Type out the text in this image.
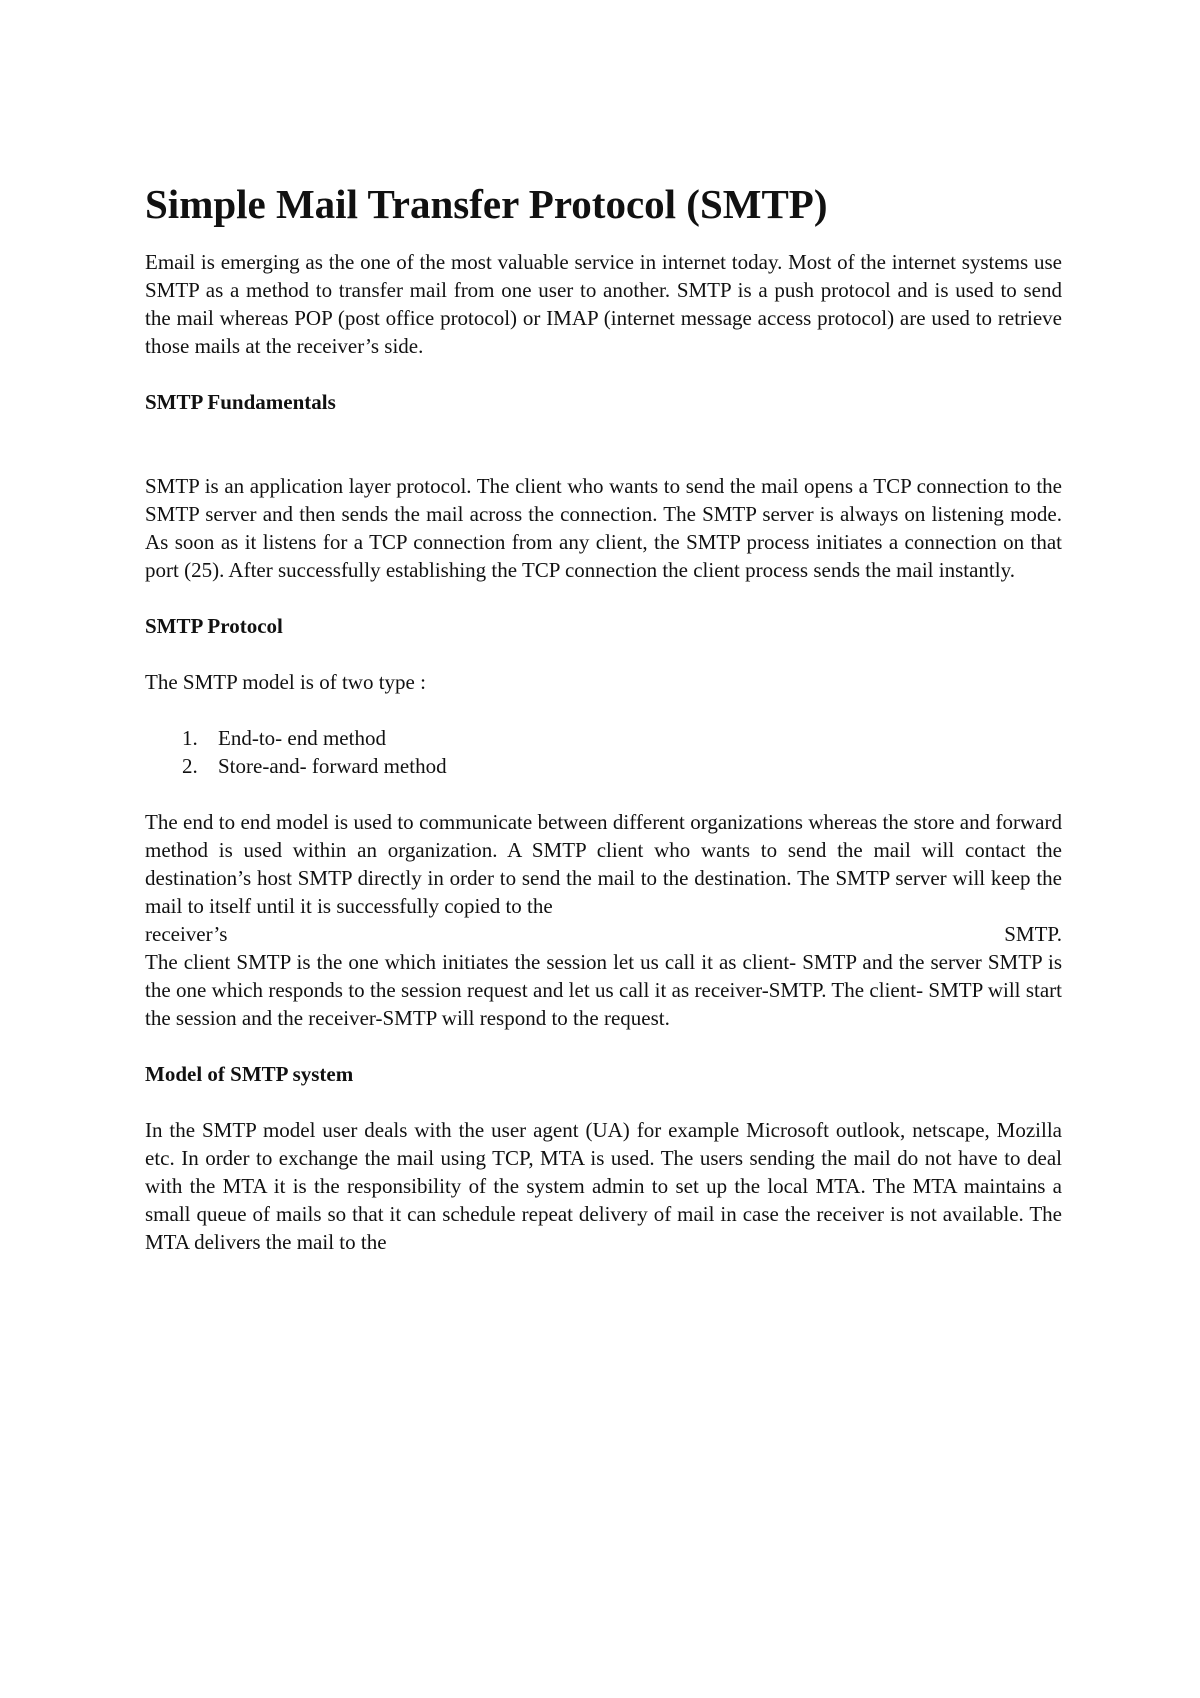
Simple Mail Transfer Protocol (SMTP)

Email is emerging as the one of the most valuable service in internet today. Most of the internet systems use SMTP as a method to transfer mail from one user to another. SMTP is a push protocol and is used to send the mail whereas POP (post office protocol) or IMAP (internet message access protocol) are used to retrieve those mails at the receiver’s side.

SMTP Fundamentals

SMTP is an application layer protocol. The client who wants to send the mail opens a TCP connection to the SMTP server and then sends the mail across the connection. The SMTP server is always on listening mode. As soon as it listens for a TCP connection from any client, the SMTP process initiates a connection on that port (25). After successfully establishing the TCP connection the client process sends the mail instantly.

SMTP Protocol

The SMTP model is of two type :

1. End-to- end method
2. Store-and- forward method

The end to end model is used to communicate between different organizations whereas the store and forward method is used within an organization. A SMTP client who wants to send the mail will contact the destination’s host SMTP directly in order to send the mail to the destination. The SMTP server will keep the mail to itself until it is successfully copied to the

receiver’s	SMTP.

The client SMTP is the one which initiates the session let us call it as client- SMTP and the server SMTP is the one which responds to the session request and let us call it as receiver-SMTP. The client- SMTP will start the session and the receiver-SMTP will respond to the request.

Model of SMTP system

In the SMTP model user deals with the user agent (UA) for example Microsoft outlook, netscape, Mozilla etc. In order to exchange the mail using TCP, MTA is used. The users sending the mail do not have to deal with the MTA it is the responsibility of the system admin to set up the local MTA. The MTA maintains a small queue of mails so that it can schedule repeat delivery of mail in case the receiver is not available. The MTA delivers the mail to the
